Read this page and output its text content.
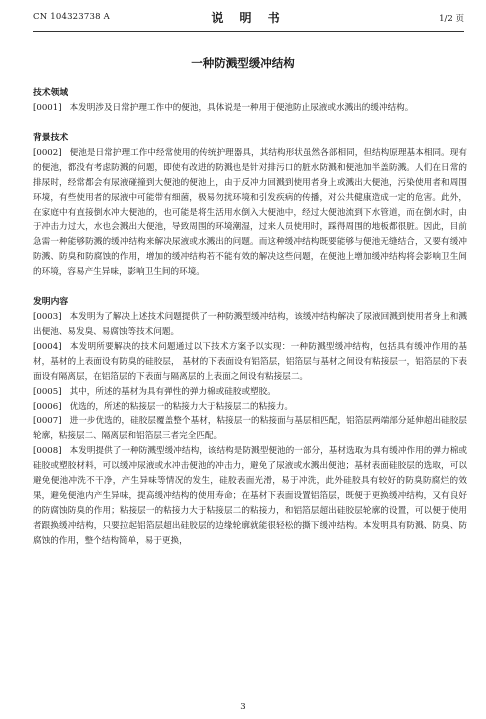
CN 104323738 A	说 明 书	1/2 页
一种防溅型缓冲结构
技术领域

[0001] 本发明涉及日常护理工作中的便池，具体说是一种用于便池防止尿液或水溅出的缓冲结构。

背景技术

[0002] 便池是日常护理工作中经常使用的传统护理器具，其结构形状虽然各部相同，但结构原理基本相同。现有的便池，都没有考虑防溅的问题，即使有改进的防溅也是针对排污口的脏水防溅和便池加半盖防溅。人们在日常的排尿时，经常都会有尿液碰撞到大便池的便池上，由于反冲力回溅到使用者身上或溅出大便池，污染使用者和周围环境，有些使用者的尿液中可能带有细菌，极易勿扰环境和引发疾病的传播，对公共健康造成一定的危害。此外，在家庭中有直接倒水冲大便池的，也可能是将生活用水倒入大便池中，经过大便池流到下水管道，而在倒水时，由于冲击力过大，水也会溅出大便池，导致周围的环境潮湿，过来人员使用时，踩得周围的地板都很脏。因此，目前急需一种能够防溅的缓冲结构来解决尿液或水溅出的问题。而这种缓冲结构既要能够与便池无缝结合，又要有缓冲防溅、防臭和防腐蚀的作用，增加的缓冲结构若不能有效的解决这些问题，在便池上增加缓冲结构将会影响卫生间的环境，容易产生异味，影响卫生间的环境。

发明内容

[0003] 本发明为了解决上述技术问题提供了一种防溅型缓冲结构，该缓冲结构解决了尿液回溅到使用者身上和溅出便池、易发臭、易腐蚀等技术问题。

[0004] 本发明所要解决的技术问题通过以下技术方案予以实现：一种防溅型缓冲结构，包括具有缓冲作用的基材，基材的上表面设有防臭的硅胶层， 基材的下表面设有铝箔层，铝箔层与基材之间设有粘接层一，铝箔层的下表面设有隔离层，在铝箔层的下表面与隔离层的上表面之间设有粘接层二。

[0005] 其中，所述的基材为具有弹性的弹力棉或硅胶或塑胶。

[0006] 优选的，所述的粘接层一的粘接力大于粘接层二的粘接力。

[0007] 进一步优选的，硅胶层覆盖整个基材，粘接层一的粘接面与基层相匹配，铝箔层两端部分延伸超出硅胶层轮廓，粘接层二、隔离层和铝箔层三者完全匹配。

[0008] 本发明提供了一种防溅型缓冲结构，该结构是防溅型便池的一部分，基材选取为具有缓冲作用的弹力棉或硅胶或塑胶材料，可以缓冲尿液或水冲击便池的冲击力，避免了尿液或水溅出便池；基材表面硅胶层的选取，可以避免便池冲洗不干净，产生异味等情况的发生，硅胶表面光滑，易于冲洗，此外硅胶具有较好的防臭防腐烂的效果，避免便池内产生异味，提高缓冲结构的使用寿命；在基材下表面设置铝箔层，既便于更换缓冲结构，又有良好的防腐蚀防臭的作用；粘接层一的粘接力大于粘接层二的粘接力，和铝箔层超出硅胶层轮廓的设置，可以便于使用者跟换缓冲结构，只要拉起铝箔层超出硅胶层的边缘轮廓就能很轻松的撕下缓冲结构。本发明具有防溅、防臭、防腐蚀的作用，整个结构简单，易于更换，

3
